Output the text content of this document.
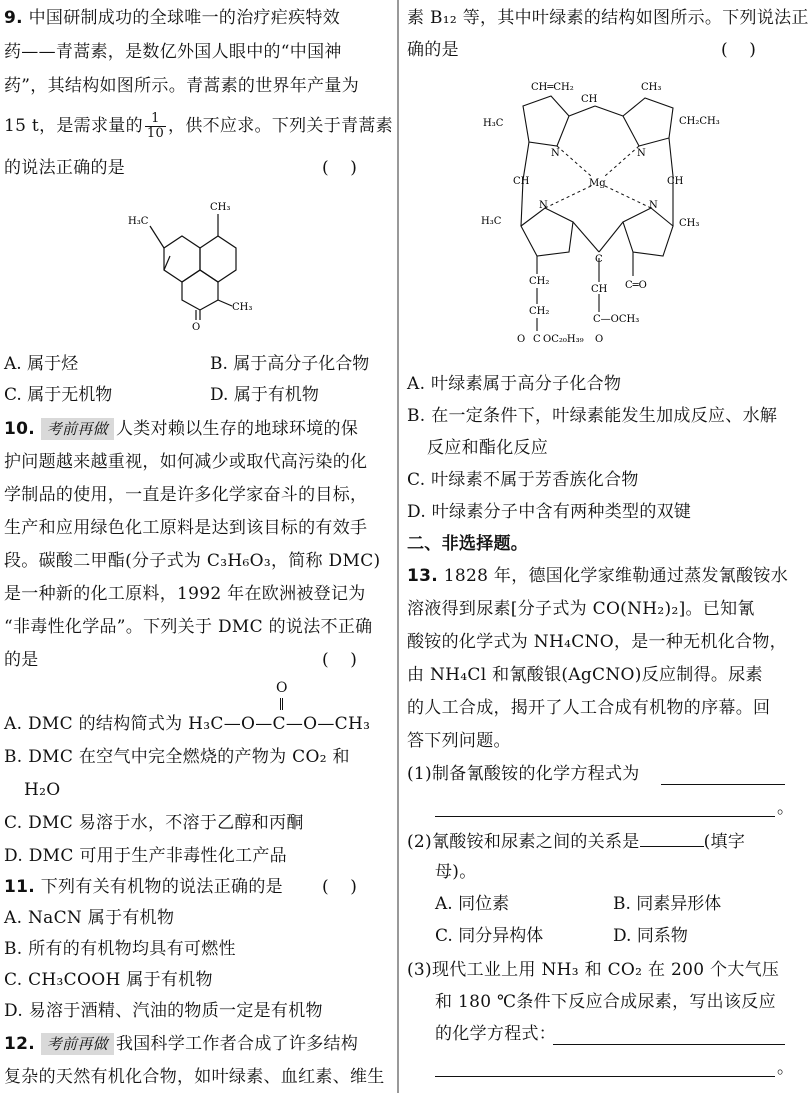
9. 中国研制成功的全球唯一的治疗疟疾特效
药——青蒿素，是数亿外国人眼中的“中国神
药”，其结构如图所示。青蒿素的世界年产量为
15 t，是需求量的 $\frac{1}{10}$ ，供不应求。下列关于青蒿素
的说法正确的是	(    )
H₃C
CH₃
CH₃
O
A. 属于烃	B. 属于高分子化合物
C. 属于无机物	D. 属于有机物
10. 考前再做 人类对赖以生存的地球环境的保
护问题越来越重视，如何减少或取代高污染的化
学制品的使用，一直是许多化学家奋斗的目标，
生产和应用绿色化工原料是达到该目标的有效手
段。碳酸二甲酯(分子式为 C₃H₆O₃，简称 DMC)
是一种新的化工原料，1992 年在欧洲被登记为
“非毒性化学品”。下列关于 DMC 的说法不正确
的是	(    )
A. DMC 的结构简式为 H₃C—O—C—O—CH₃
O
B. DMC 在空气中完全燃烧的产物为 CO₂ 和
H₂O
C. DMC 易溶于水，不溶于乙醇和丙酮
D. DMC 可用于生产非毒性化工产品
11. 下列有关有机物的说法正确的是 (    )
A. NaCN 属于有机物
B. 所有的有机物均具有可燃性
C. CH₃COOH 属于有机物
D. 易溶于酒精、汽油的物质一定是有机物
12. 考前再做 我国科学工作者合成了许多结构
复杂的天然有机化合物，如叶绿素、血红素、维生
素 B₁₂ 等，其中叶绿素的结构如图所示。下列说法正
确的是	(    )
CH═CH₂
CH
CH₃
H₃C	CH₂CH₃
CH	CH
N	N
N	N
Mg
H₃C	CH₃
C
CH₂
CH₂
CH C═O
C—OCH₃
C
O OC₂₀H₃₉ O
A. 叶绿素属于高分子化合物
B. 在一定条件下，叶绿素能发生加成反应、水解
反应和酯化反应
C. 叶绿素不属于芳香族化合物
D. 叶绿素分子中含有两种类型的双键
二、非选择题。
13. 1828 年，德国化学家维勒通过蒸发氰酸铵水
溶液得到尿素[分子式为 CO(NH₂)₂]。已知氰
酸铵的化学式为 NH₄CNO，是一种无机化合物，
由 NH₄Cl 和氰酸银(AgCNO)反应制得。尿素
的人工合成，揭开了人工合成有机物的序幕。回
答下列问题。
(1)制备氰酸铵的化学方程式为
。
(2)氰酸铵和尿素之间的关系是	(填字
母)。
A. 同位素	B. 同素异形体
C. 同分异构体	D. 同系物
(3)现代工业上用 NH₃ 和 CO₂ 在 200 个大气压
和 180 ℃条件下反应合成尿素，写出该反应
的化学方程式：
。
